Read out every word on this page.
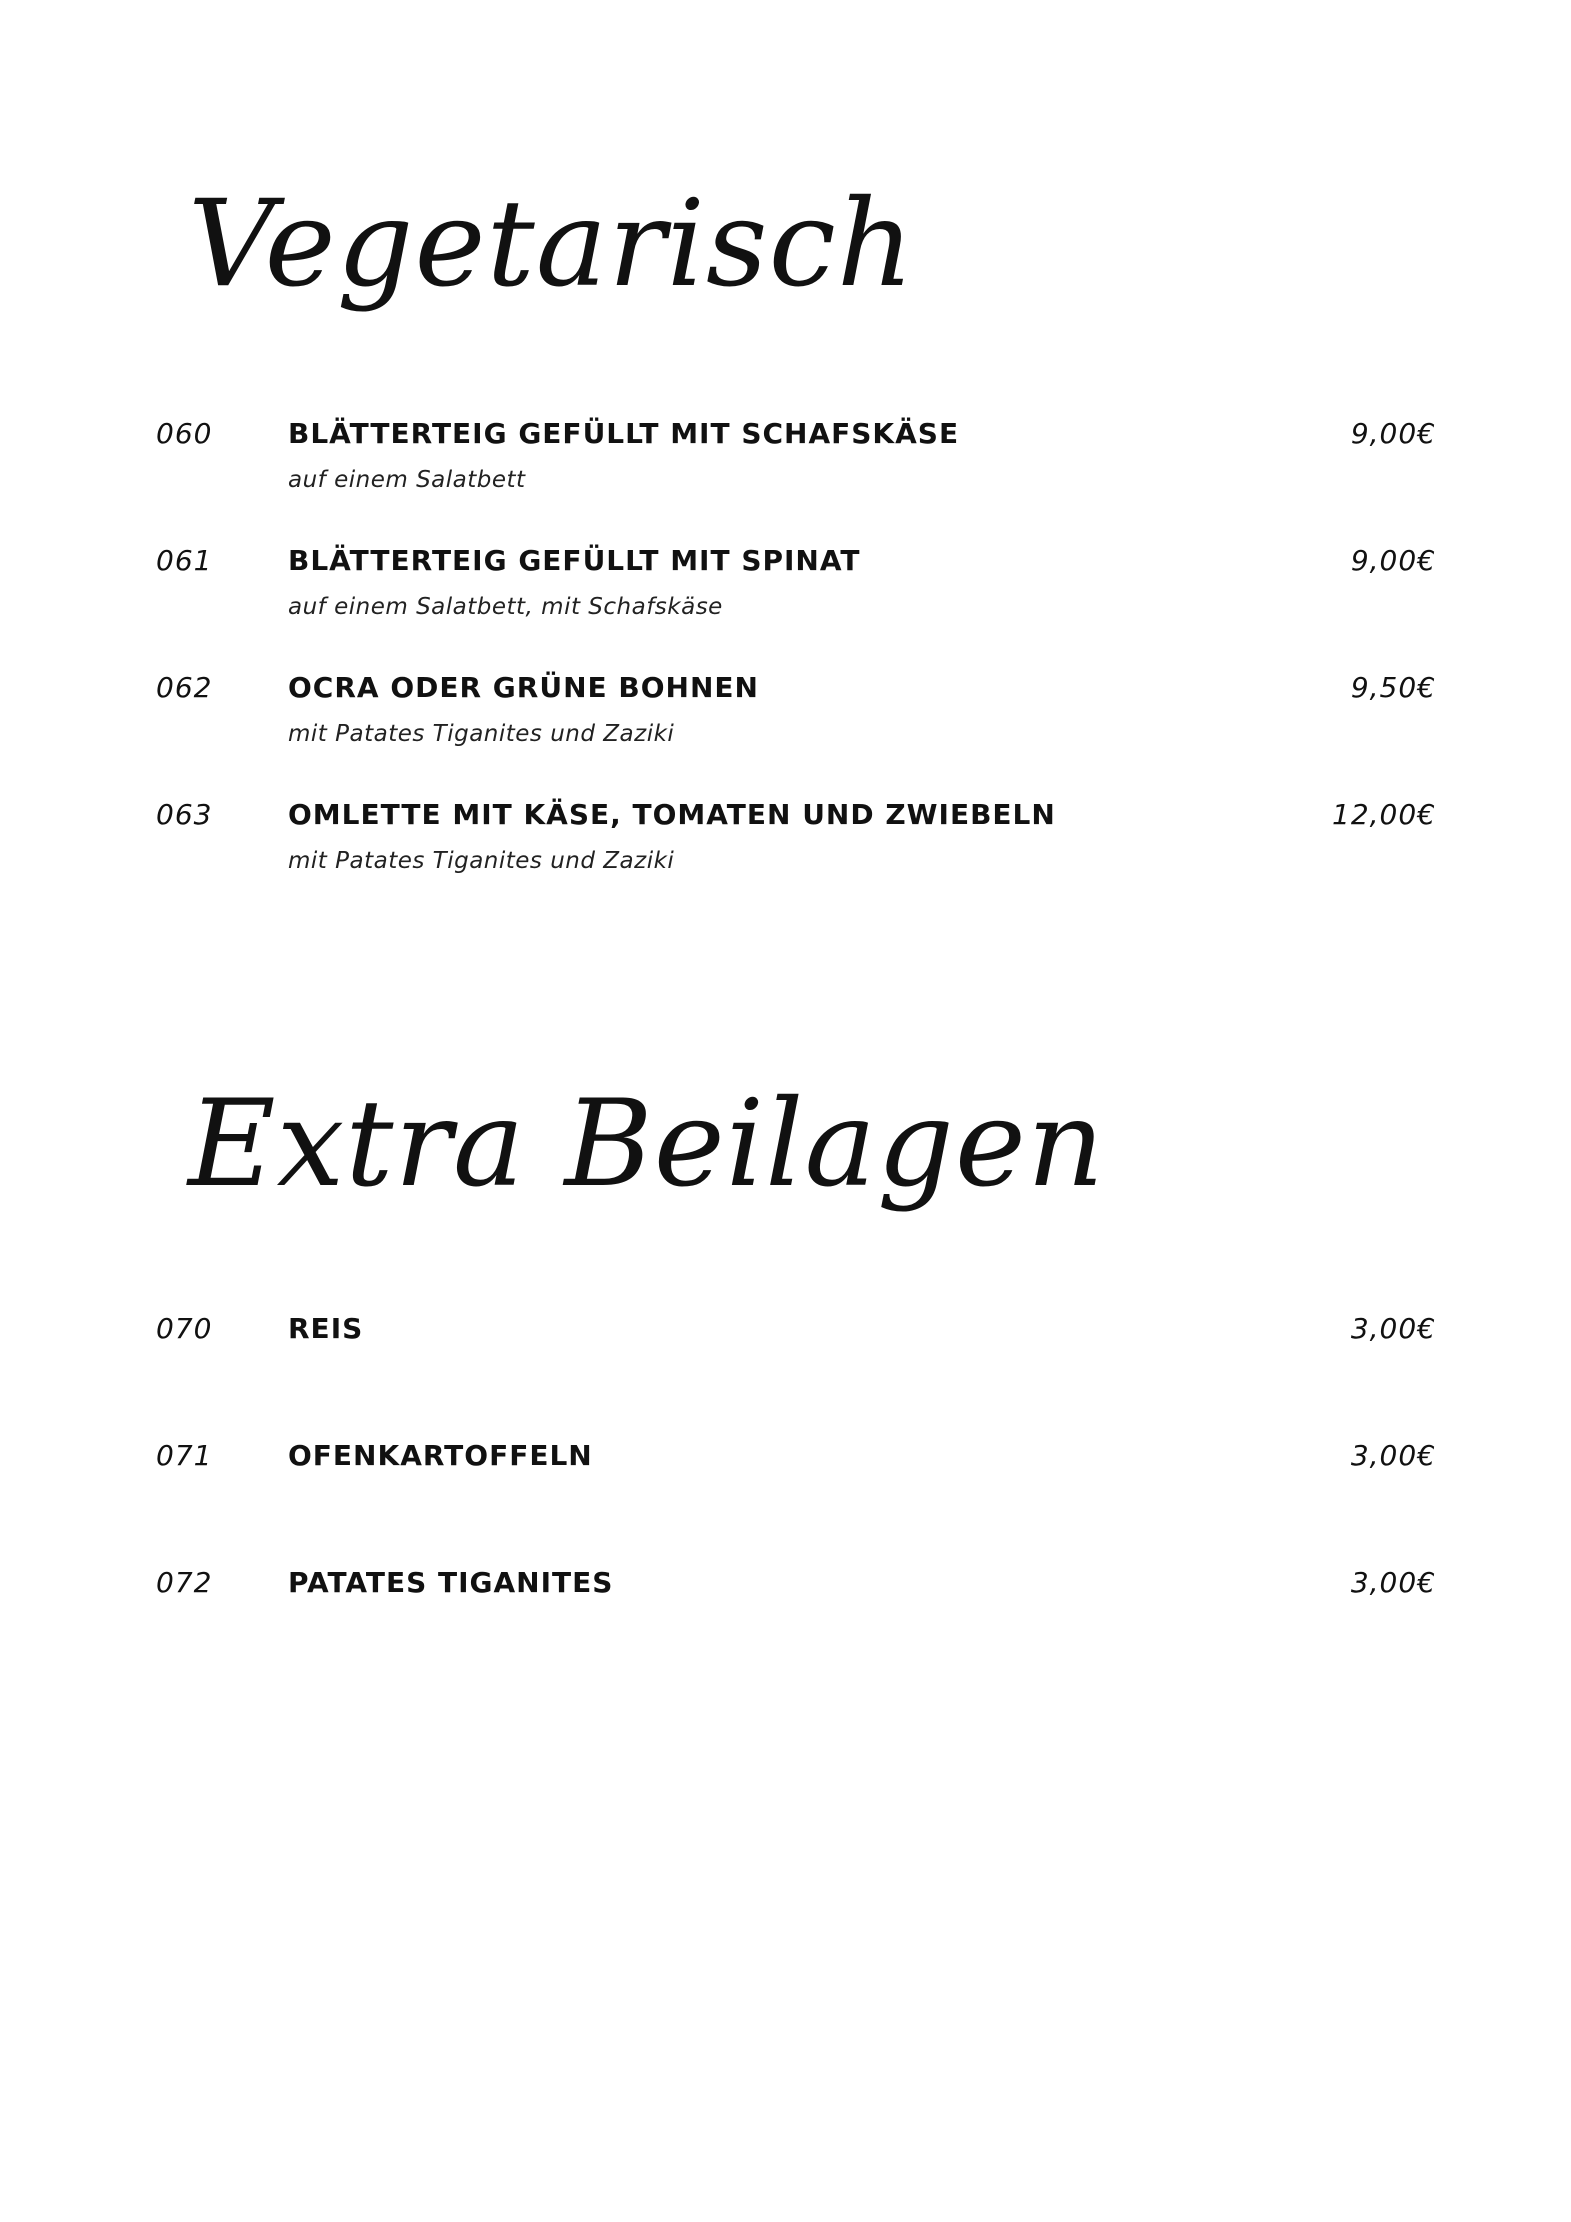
Vegetarisch
060	BLÄTTERTEIG GEFÜLLT MIT SCHAFSKÄSE	9,00€
auf einem Salatbett
061	BLÄTTERTEIG GEFÜLLT MIT SPINAT	9,00€
auf einem Salatbett, mit Schafskäse
062	OCRA ODER GRÜNE BOHNEN	9,50€
mit Patates Tiganites und Zaziki
063	OMLETTE MIT KÄSE, TOMATEN UND ZWIEBELN	12,00€
mit Patates Tiganites und Zaziki
Extra Beilagen
070	REIS	3,00€
071	OFENKARTOFFELN	3,00€
072	PATATES TIGANITES	3,00€
